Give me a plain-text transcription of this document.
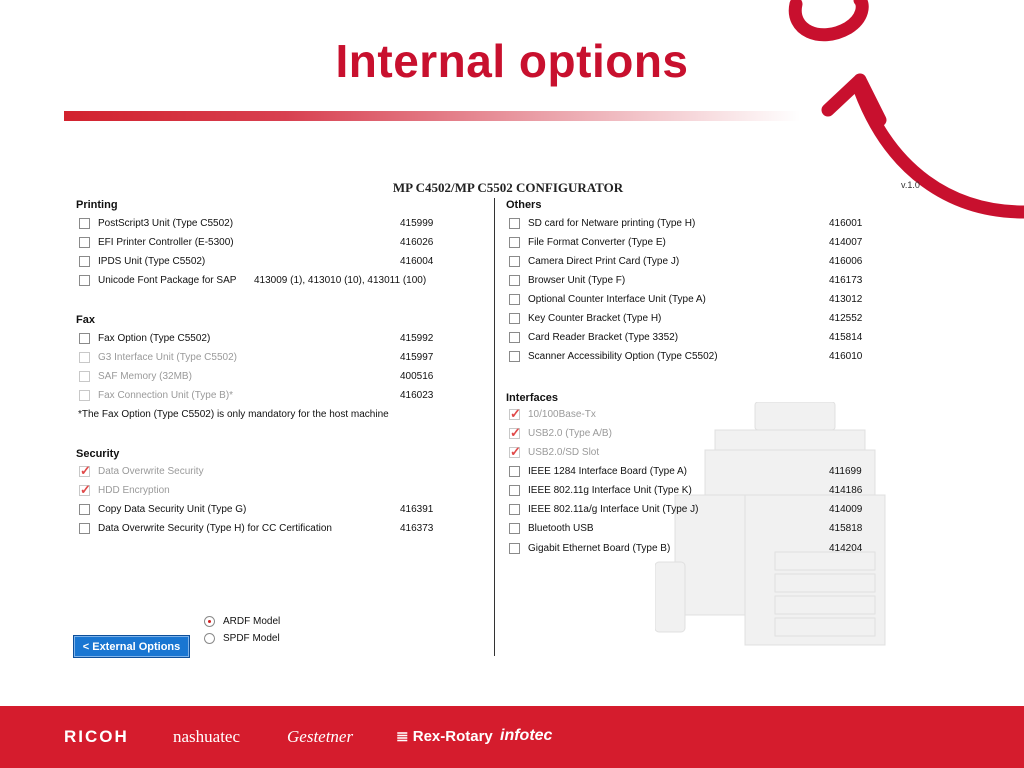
Internal options
MP C4502/MP C5502 CONFIGURATOR	v.1.0
Printing
PostScript3 Unit (Type C5502)	415999
EFI Printer Controller (E-5300)	416026
IPDS Unit (Type C5502)	416004
Unicode Font Package for SAP 413009 (1), 413010 (10), 413011 (100)
Fax
Fax Option (Type C5502)	415992
G3 Interface Unit (Type C5502)	415997
SAF Memory (32MB)	400516
Fax Connection Unit (Type B)*	416023
*The Fax Option (Type C5502) is only mandatory for the host machine
Security
✓
Data Overwrite Security
✓
HDD Encryption
Copy Data Security Unit (Type G)	416391
Data Overwrite Security (Type H) for CC Certification	416373
Others
SD card for Netware printing (Type H)	416001
File Format Converter (Type E)	414007
Camera Direct Print Card (Type J)	416006
Browser Unit (Type F)	416173
Optional Counter Interface Unit (Type A)	413012
Key Counter Bracket (Type H)	412552
Card Reader Bracket (Type 3352)	415814
Scanner Accessibility Option (Type C5502)	416010
Interfaces
✓
10/100Base-Tx
✓
USB2.0 (Type A/B)
✓
USB2.0/SD Slot
IEEE 1284 Interface Board (Type A)	411699
IEEE 802.11g Interface Unit (Type K)	414186
IEEE 802.11a/g Interface Unit (Type J)	414009
Bluetooth USB	415818
Gigabit Ethernet Board (Type B)	414204
ARDF Model
SPDF Model
< External Options
RICOH	nashuatec	Gestetner	≣ Rex-Rotary infotec
